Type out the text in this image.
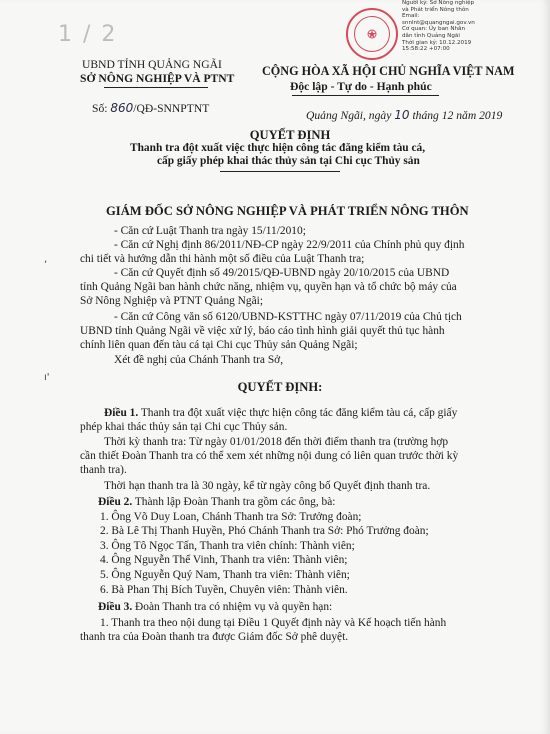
1 / 2
Người ký: Sở Nông nghiệp
và Phát triển Nông thôn
Email:
snnlnt@quangngai.gov.vn
Cơ quan: Ủy ban Nhân
dân tỉnh Quảng Ngãi
Thời gian ký: 10.12.2019
15:58:22 +07:00
UBND TỈNH QUẢNG NGÃI
SỞ NÔNG NGHIỆP VÀ PTNT
CỘNG HÒA XÃ HỘI CHỦ NGHĨA VIỆT NAM
Độc lập - Tự do - Hạnh phúc
Số: 860/QĐ-SNNPTNT
Quảng Ngãi, ngày 10 tháng 12 năm 2019
QUYẾT ĐỊNH
Thanh tra đột xuất việc thực hiện công tác đăng kiểm tàu cá,
cấp giấy phép khai thác thủy sản tại Chi cục Thủy sản
GIÁM ĐỐC SỞ NÔNG NGHIỆP VÀ PHÁT TRIỂN NÔNG THÔN
- Căn cứ Luật Thanh tra ngày 15/11/2010;
- Căn cứ Nghị định 86/2011/NĐ-CP ngày 22/9/2011 của Chính phủ quy định
chi tiết và hướng dẫn thi hành một số điều của Luật Thanh tra;
- Căn cứ Quyết định số 49/2015/QĐ-UBND ngày 20/10/2015 của UBND
tỉnh Quảng Ngãi ban hành chức năng, nhiệm vụ, quyền hạn và tổ chức bộ máy của
Sở Nông Nghiệp và PTNT Quảng Ngãi;
- Căn cứ Công văn số 6120/UBND-KSTTHC ngày 07/11/2019 của Chủ tịch
UBND tỉnh Quảng Ngãi về việc xử lý, báo cáo tình hình giải quyết thủ tục hành
chính liên quan đến tàu cá tại Chi cục Thủy sản Quảng Ngãi;
Xét đề nghị của Chánh Thanh tra Sở,
QUYẾT ĐỊNH:
Điều 1. Thanh tra đột xuất việc thực hiện công tác đăng kiểm tàu cá, cấp giấy
phép khai thác thủy sản tại Chi cục Thủy sản.
Thời kỳ thanh tra: Từ ngày 01/01/2018 đến thời điểm thanh tra (trường hợp
cần thiết Đoàn Thanh tra có thể xem xét những nội dung có liên quan trước thời kỳ
thanh tra).
Thời hạn thanh tra là 30 ngày, kể từ ngày công bố Quyết định thanh tra.
Điều 2. Thành lập Đoàn Thanh tra gồm các ông, bà:
1. Ông Võ Duy Loan, Chánh Thanh tra Sở: Trưởng đoàn;
2. Bà Lê Thị Thanh Huyền, Phó Chánh Thanh tra Sở: Phó Trưởng đoàn;
3. Ông Tô Ngọc Tấn, Thanh tra viên chính: Thành viên;
4. Ông Nguyễn Thế Vinh, Thanh tra viên: Thành viên;
5. Ông Nguyễn Quý Nam, Thanh tra viên: Thành viên;
6. Bà Phan Thị Bích Tuyền, Chuyên viên: Thành viên.
Điều 3. Đoàn Thanh tra có nhiệm vụ và quyền hạn:
1. Thanh tra theo nội dung tại Điều 1 Quyết định này và Kế hoạch tiến hành
thanh tra của Đoàn thanh tra được Giám đốc Sở phê duyệt.
,
ı'
